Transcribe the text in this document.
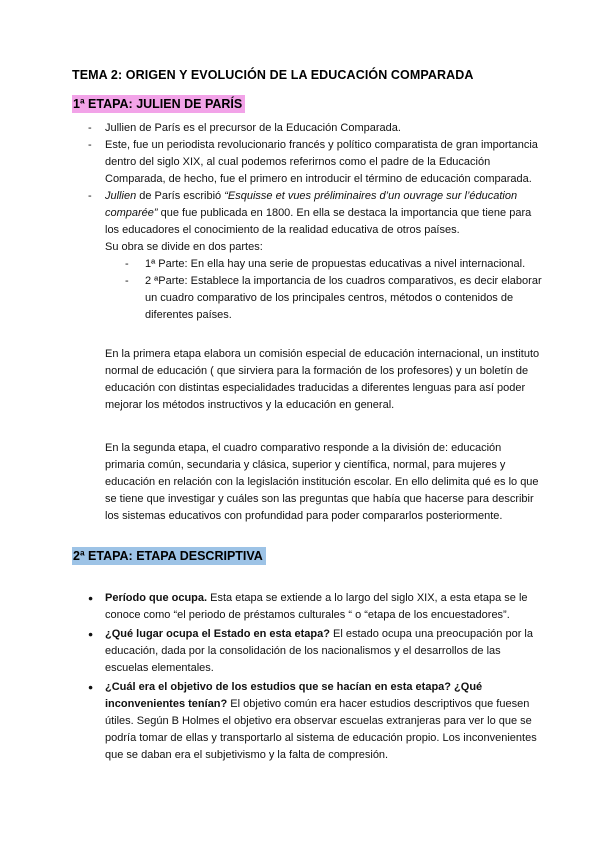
TEMA 2: ORIGEN Y EVOLUCIÓN DE LA EDUCACIÓN COMPARADA
1ª ETAPA: JULIEN DE PARÍS
-	Jullien de París es el precursor de la Educación Comparada.
-	Este, fue un periodista revolucionario francés y político comparatista de gran importancia dentro del siglo XIX, al cual podemos referirnos como el padre de la Educación Comparada, de hecho, fue el primero en introducir el término de educación comparada.
-	Jullien de París escribió “Esquisse et vues préliminaires d’un ouvrage sur l’éducation comparée” que fue publicada en 1800. En ella se destaca la importancia que tiene para los educadores el conocimiento de la realidad educativa de otros países.
Su obra se divide en dos partes:
-	1ª Parte: En ella hay una serie de propuestas educativas a nivel internacional.
-	2 ªParte: Establece la importancia de los cuadros comparativos, es decir elaborar un cuadro comparativo de los principales centros, métodos o contenidos de diferentes países.

En la primera etapa elabora un comisión especial de educación internacional, un instituto normal de educación ( que sirviera para la formación de los profesores) y un boletín de educación con distintas especialidades traducidas a diferentes lenguas para así poder mejorar los métodos instructivos y la educación en general.

En la segunda etapa, el cuadro comparativo responde a la división de: educación primaria común, secundaria y clásica, superior y científica, normal, para mujeres y educación en relación con la legislación institución escolar. En ello delimita qué es lo que se tiene que investigar y cuáles son las preguntas que había que hacerse para describir los sistemas educativos con profundidad para poder compararlos posteriormente.

2ª ETAPA: ETAPA DESCRIPTIVA
●	Período que ocupa. Esta etapa se extiende a lo largo del siglo XIX, a esta etapa se le conoce como “el periodo de préstamos culturales “ o “etapa de los encuestadores”.
●	¿Qué lugar ocupa el Estado en esta etapa? El estado ocupa una preocupación por la educación, dada por la consolidación de los nacionalismos y el desarrollos de las escuelas elementales.
●	¿Cuál era el objetivo de los estudios que se hacían en esta etapa? ¿Qué inconvenientes tenían? El objetivo común era hacer estudios descriptivos que fuesen útiles. Según B Holmes el objetivo era observar escuelas extranjeras para ver lo que se podría tomar de ellas y transportarlo al sistema de educación propio. Los inconvenientes que se daban era el subjetivismo y la falta de compresión.
